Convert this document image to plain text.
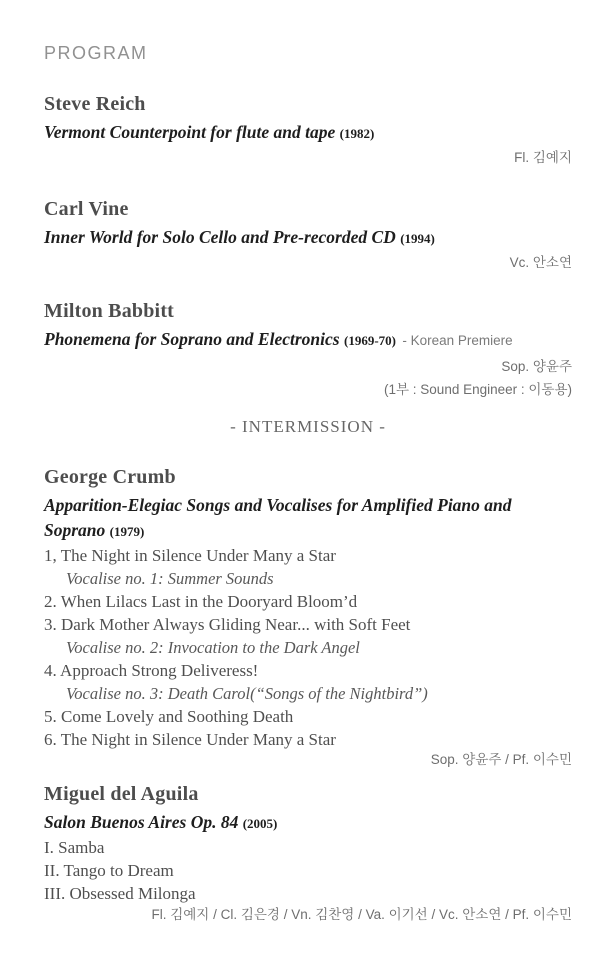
PROGRAM
Steve Reich
Vermont Counterpoint for flute and tape (1982)
Fl. 김예지
Carl Vine
Inner World for Solo Cello and Pre-recorded CD (1994)
Vc. 안소연
Milton Babbitt
Phonemena for Soprano and Electronics (1969-70) - Korean Premiere
Sop. 양윤주
(1부 : Sound Engineer : 이동용)
- INTERMISSION -
George Crumb
Apparition-Elegiac Songs and Vocalises for Amplified Piano and Soprano (1979)
1, The Night in Silence Under Many a Star
Vocalise no. 1: Summer Sounds
2. When Lilacs Last in the Dooryard Bloom’d
3. Dark Mother Always Gliding Near... with Soft Feet
Vocalise no. 2: Invocation to the Dark Angel
4. Approach Strong Deliveress!
Vocalise no. 3: Death Carol(“Songs of the Nightbird”)
5. Come Lovely and Soothing Death
6. The Night in Silence Under Many a Star
Sop. 양윤주 / Pf. 이수민
Miguel del Aguila
Salon Buenos Aires Op. 84 (2005)
I. Samba
II. Tango to Dream
III. Obsessed Milonga
Fl. 김예지 / Cl. 김은경 / Vn. 김찬영 / Va. 이기선 / Vc. 안소연 / Pf. 이수민
